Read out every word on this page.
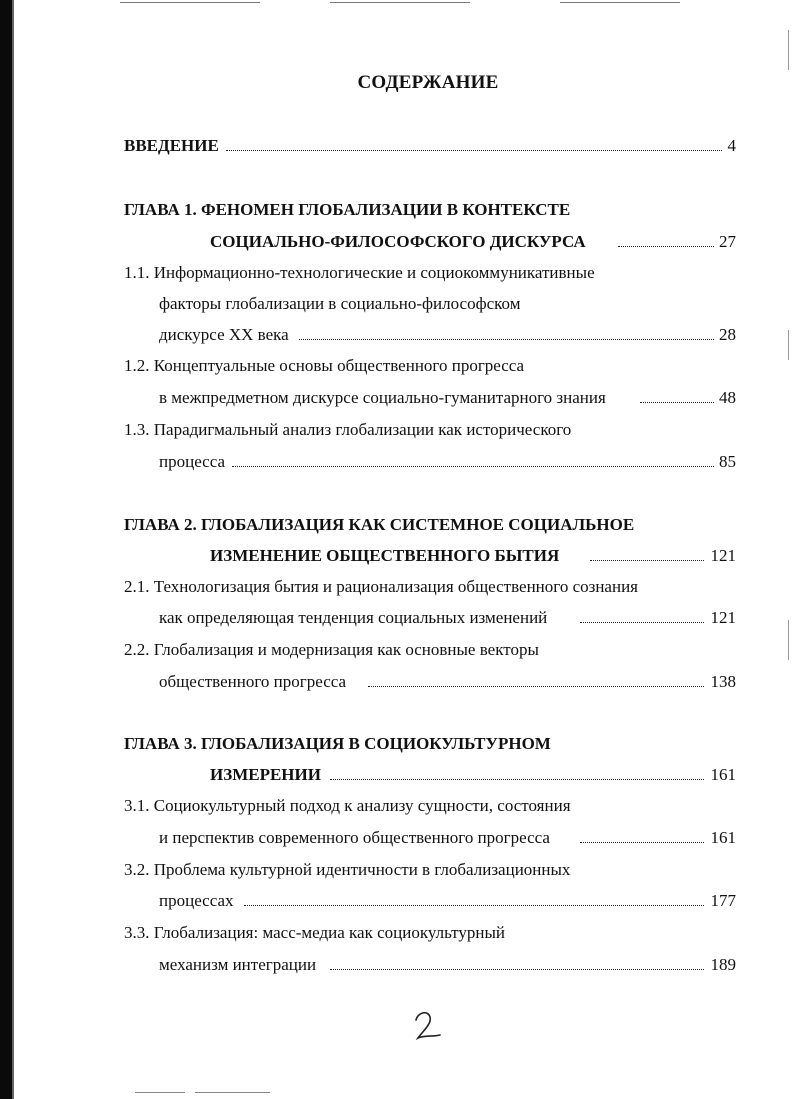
СОДЕРЖАНИЕ
ВВЕДЕНИЕ	4
ГЛАВА 1. ФЕНОМЕН ГЛОБАЛИЗАЦИИ В КОНТЕКСТЕ
СОЦИАЛЬНО-ФИЛОСОФСКОГО ДИСКУРСА	27
1.1. Информационно-технологические и социокоммуникативные
факторы глобализации в социально-философском
дискурсе XX века	28
1.2. Концептуальные основы общественного прогресса
в межпредметном дискурсе социально-гуманитарного знания	48
1.3. Парадигмальный анализ глобализации как исторического
процесса	85
ГЛАВА 2. ГЛОБАЛИЗАЦИЯ КАК СИСТЕМНОЕ СОЦИАЛЬНОЕ
ИЗМЕНЕНИЕ ОБЩЕСТВЕННОГО БЫТИЯ	121
2.1. Технологизация бытия и рационализация общественного сознания
как определяющая тенденция социальных изменений	121
2.2. Глобализация и модернизация как основные векторы
общественного прогресса	138
ГЛАВА 3. ГЛОБАЛИЗАЦИЯ В СОЦИОКУЛЬТУРНОМ
ИЗМЕРЕНИИ	161
3.1. Социокультурный подход к анализу сущности, состояния
и перспектив современного общественного прогресса	161
3.2. Проблема культурной идентичности в глобализационных
процессах	177
3.3. Глобализация: масс-медиа как социокультурный
механизм интеграции	189
